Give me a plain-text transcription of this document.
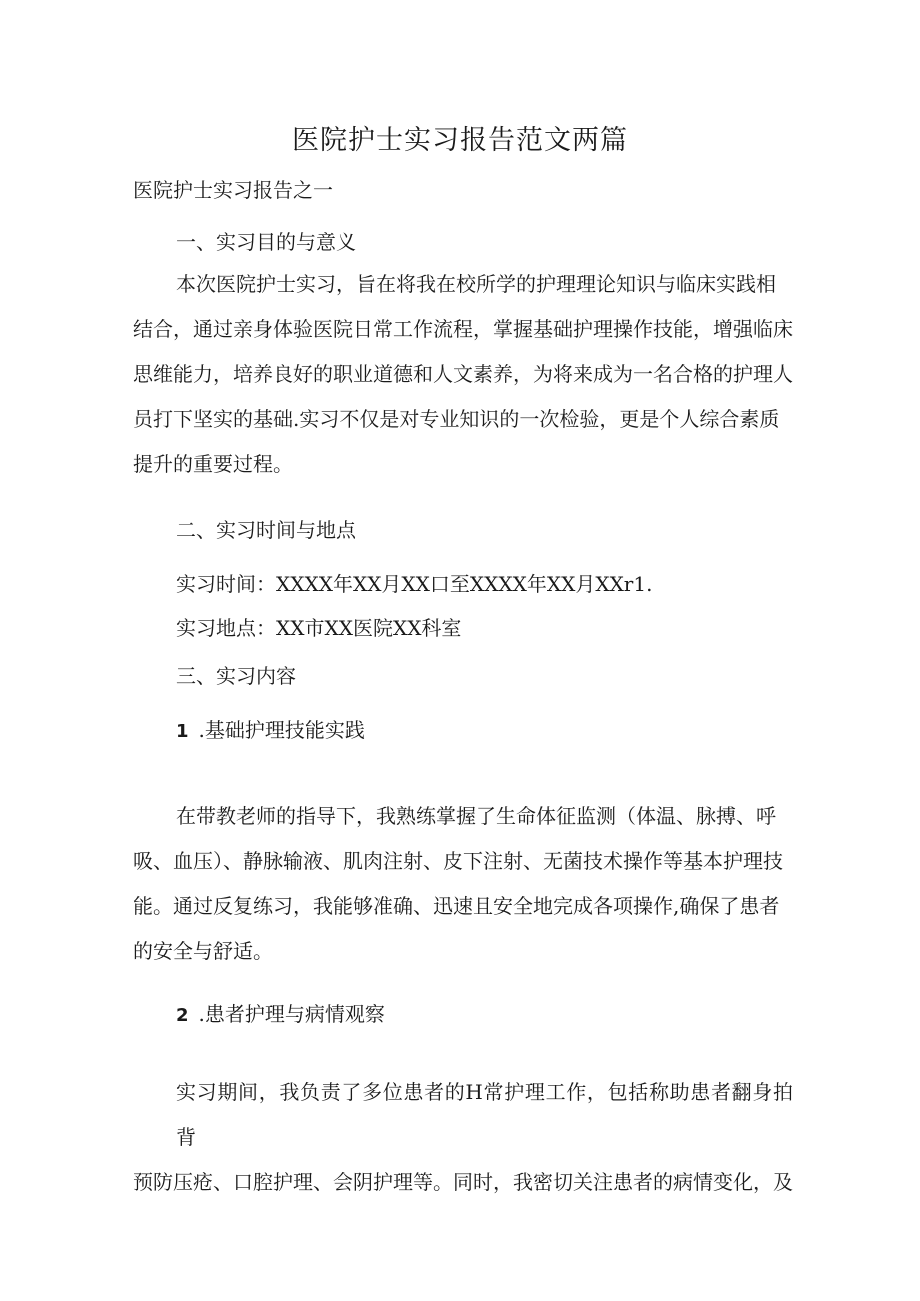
医院护士实习报告范文两篇
医院护士实习报告之一
一、实习目的与意义
本次医院护士实习，旨在将我在校所学的护理理论知识与临床实践相
结合，通过亲身体验医院日常工作流程，掌握基础护理操作技能，增强临床
思维能力，培养良好的职业道德和人文素养，为将来成为一名合格的护理人
员打下坚实的基础.实习不仅是对专业知识的一次检验，更是个人综合素质
提升的重要过程。
二、实习时间与地点
实习时间：XXXX年XX月XX口至XXXX年XX月XXr1.
实习地点：XX市XX医院XX科室
三、实习内容
1 .基础护理技能实践
在带教老师的指导下，我熟练掌握了生命体征监测（体温、脉搏、呼
吸、血压）、静脉输液、肌肉注射、皮下注射、无菌技术操作等基本护理技
能。通过反复练习，我能够准确、迅速且安全地完成各项操作,确保了患者
的安全与舒适。
2 .患者护理与病情观察
实习期间，我负责了多位患者的H常护理工作，包括称助患者翻身拍背
预防压疮、口腔护理、会阴护理等。同时，我密切关注患者的病情变化，及
